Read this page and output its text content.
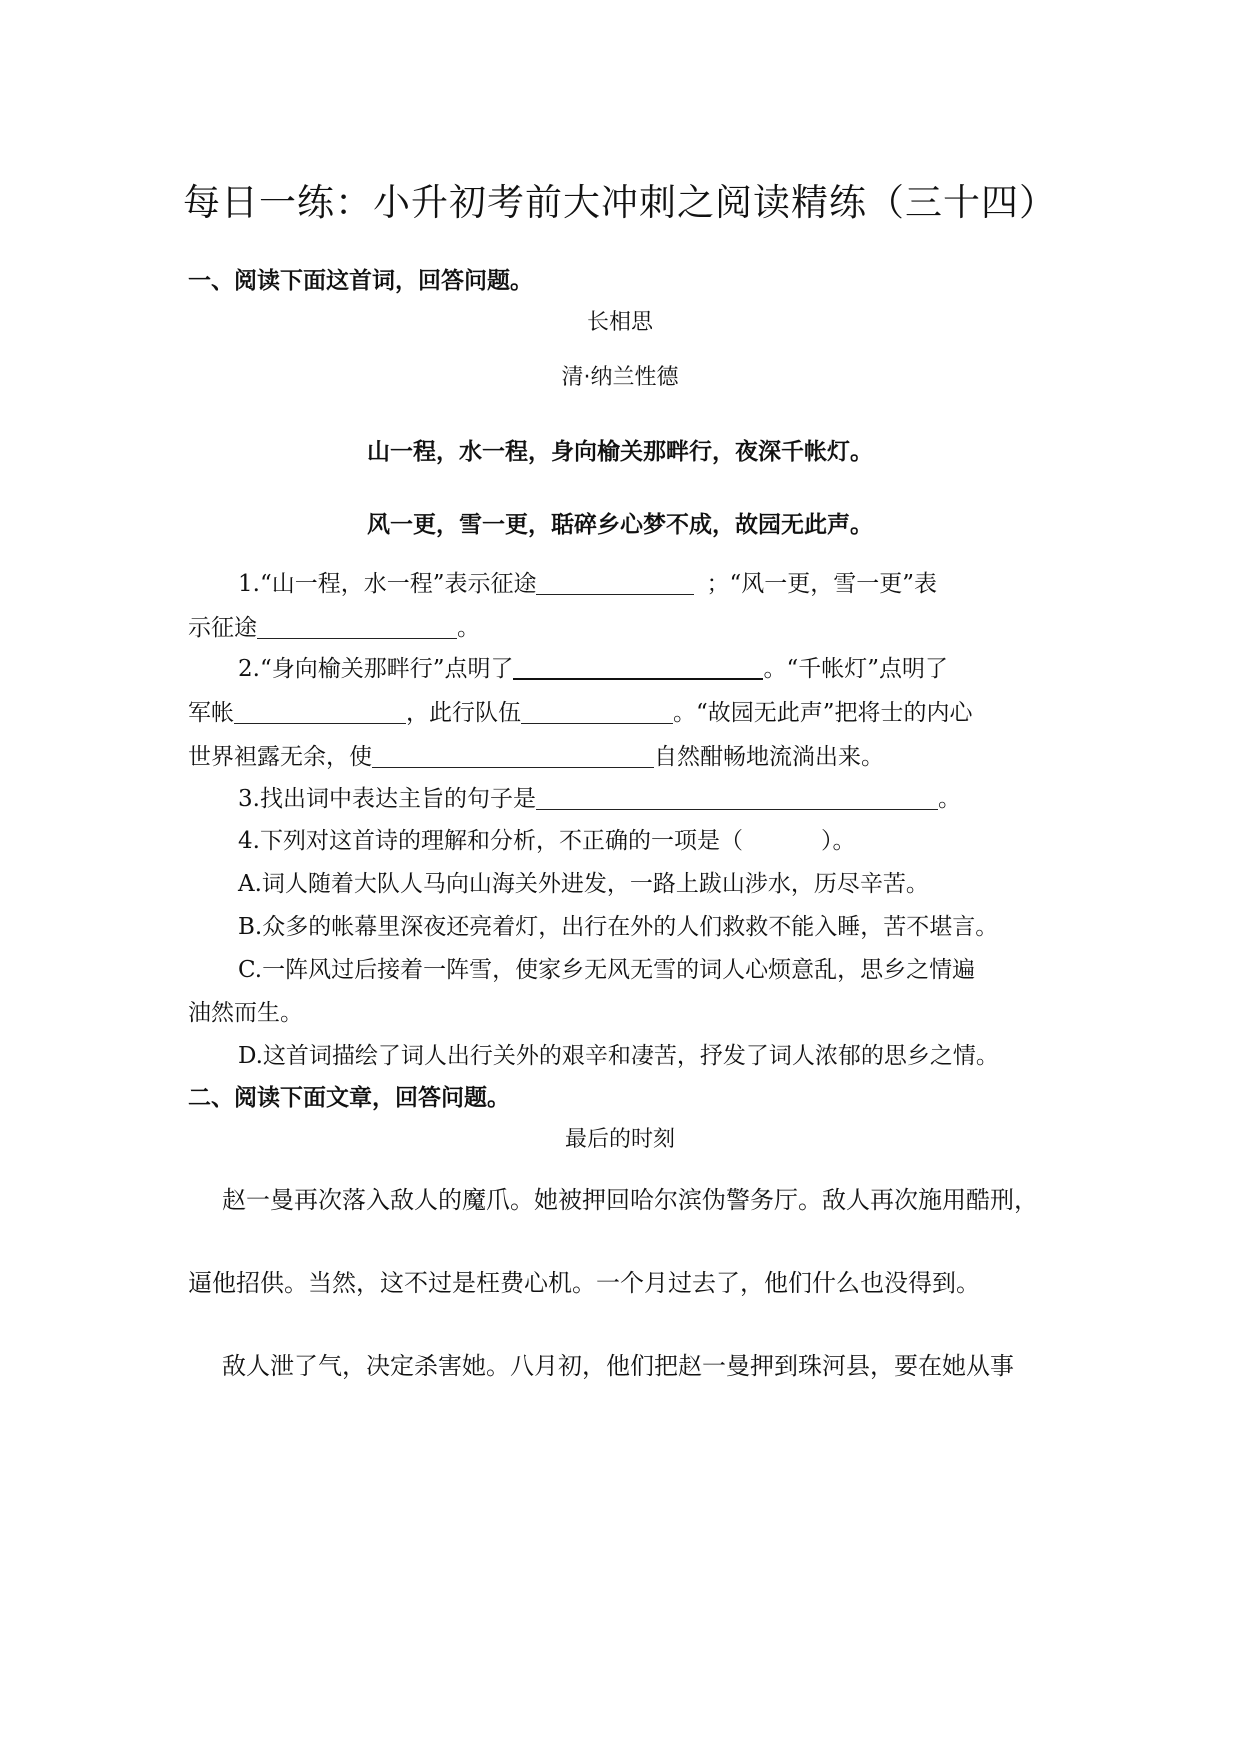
每日一练：小升初考前大冲刺之阅读精练（三十四）
一、阅读下面这首词，回答问题。
长相思
清·纳兰性德
山一程，水一程，身向榆关那畔行，夜深千帐灯。
风一更，雪一更，聒碎乡心梦不成，故园无此声。
1.“山一程，水一程”表示征途	；“风一更，雪一更”表
示征途	。
2.“身向榆关那畔行”点明了	。“千帐灯”点明了
军帐	，此行队伍	。“故园无此声”把将士的内心
世界袒露无余，使	自然酣畅地流淌出来。
3.找出词中表达主旨的句子是	。
4.下列对这首诗的理解和分析，不正确的一项是（	）。
A.词人随着大队人马向山海关外进发，一路上跋山涉水，历尽辛苦。
B.众多的帐幕里深夜还亮着灯，出行在外的人们救救不能入睡，苦不堪言。
C.一阵风过后接着一阵雪，使家乡无风无雪的词人心烦意乱，思乡之情遍
油然而生。
D.这首词描绘了词人出行关外的艰辛和凄苦，抒发了词人浓郁的思乡之情。
二、阅读下面文章，回答问题。
最后的时刻
赵一曼再次落入敌人的魔爪。她被押回哈尔滨伪警务厅。敌人再次施用酷刑，
逼他招供。当然，这不过是枉费心机。一个月过去了，他们什么也没得到。
敌人泄了气，决定杀害她。八月初，他们把赵一曼押到珠河县，要在她从事
